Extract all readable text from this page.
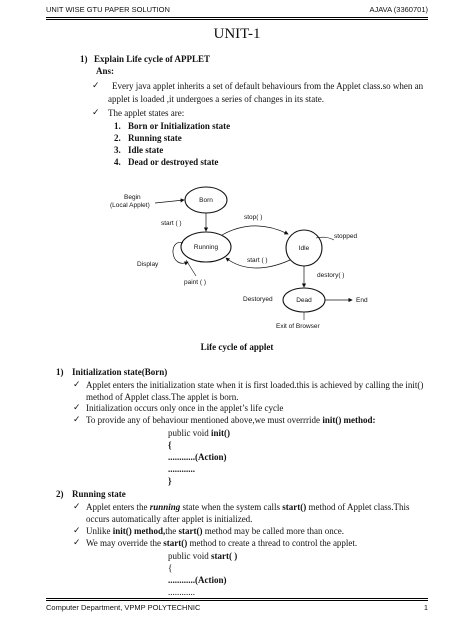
UNIT WISE GTU PAPER SOLUTION	AJAVA (3360701)
UNIT-1
1) Explain Life cycle of APPLET
Ans:
✓ Every java applet inherits a set of default behaviours from the Applet class.so when an
applet is loaded ,it undergoes a series of changes in its state.
✓ The applet states are:
1. Born or Initialization state
2. Running state
3. Idle state
4. Dead or destroyed state
Begin
(Local Applet)
Born
start ( )
Running
Display
paint ( )
stop( )
start ( )
Idle
stopped
destory( )
Dead
Destoryed	End
Exit of Browser
Life cycle of applet
1) Initialization state(Born)
✓ Applet enters the initialization state when it is first loaded.this is achieved by calling the init()
method of Applet class.The applet is born.
✓ Initialization occurs only once in the applet’s life cycle
✓ To provide any of behaviour mentioned above,we must overrride init() method:
public void init()
{
............(Action)
............
}
2) Running state
✓ Applet enters the running state when the system calls start() method of Applet class.This
occurs automatically after applet is initialized.
✓ Unlike init() method,the start() method may be called more than once.
✓ We may override the start() method to create a thread to control the applet.
public void start( )
{
............(Action)
............
Computer Department, VPMP POLYTECHNIC	1
